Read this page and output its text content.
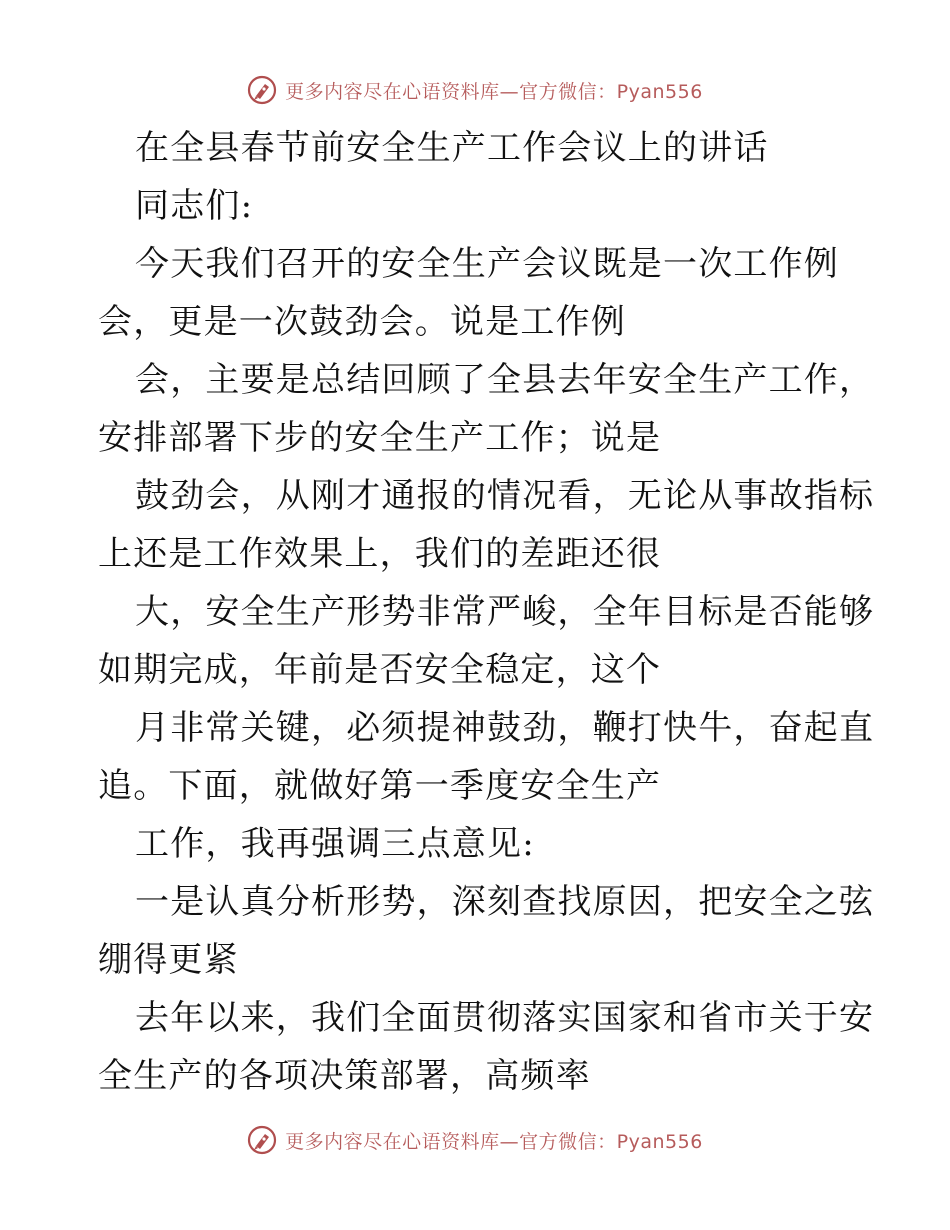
更多内容尽在心语资料库—官方微信：Pyan556
在全县春节前安全生产工作会议上的讲话
同志们:
今天我们召开的安全生产会议既是一次工作例
会，更是一次鼓劲会。说是工作例
会，主要是总结回顾了全县去年安全生产工作，
安排部署下步的安全生产工作；说是
鼓劲会，从刚才通报的情况看，无论从事故指标
上还是工作效果上，我们的差距还很
大，安全生产形势非常严峻，全年目标是否能够
如期完成，年前是否安全稳定，这个
月非常关键，必须提神鼓劲，鞭打快牛，奋起直
追。下面，就做好第一季度安全生产
工作，我再强调三点意见:
一是认真分析形势，深刻查找原因，把安全之弦
绷得更紧
去年以来，我们全面贯彻落实国家和省市关于安
全生产的各项决策部署，高频率
更多内容尽在心语资料库—官方微信：Pyan556
